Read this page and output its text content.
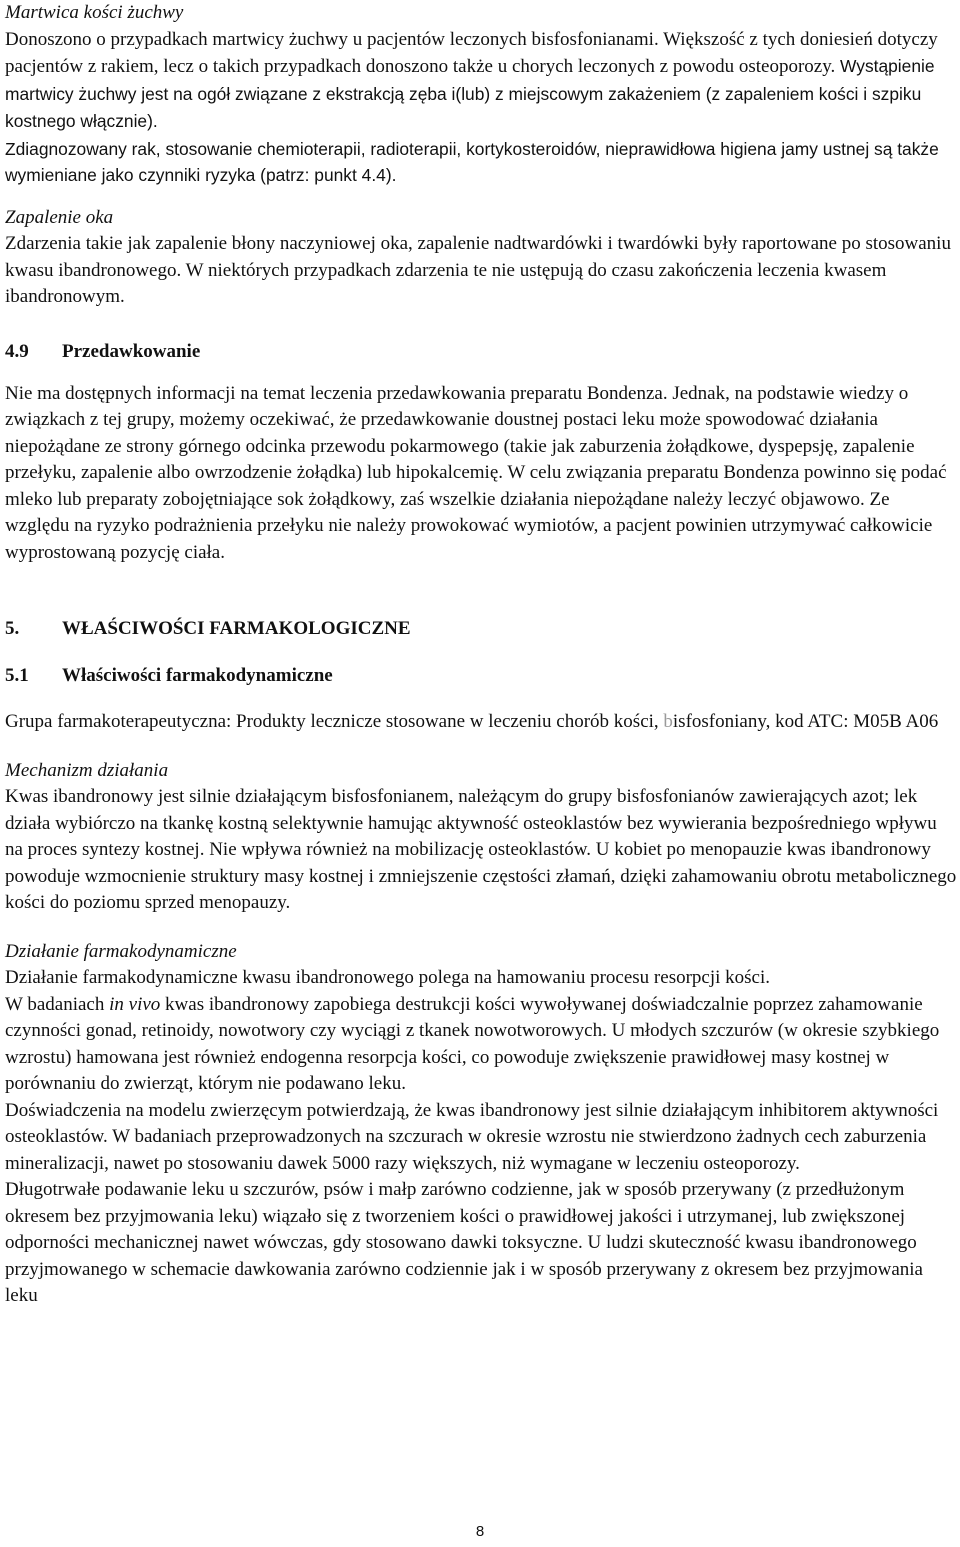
Martwica kości żuchwy

Donoszono o przypadkach martwicy żuchwy u pacjentów leczonych bisfosfonianami. Większość z tych doniesień dotyczy pacjentów z rakiem, lecz o takich przypadkach donoszono także u chorych leczonych z powodu osteoporozy. Wystąpienie martwicy żuchwy jest na ogół związane z ekstrakcją zęba i(lub) z miejscowym zakażeniem (z zapaleniem kości i szpiku kostnego włącznie).

Zdiagnozowany rak, stosowanie chemioterapii, radioterapii, kortykosteroidów, nieprawidłowa higiena jamy ustnej są także wymieniane jako czynniki ryzyka (patrz: punkt 4.4).

Zapalenie oka

Zdarzenia takie jak zapalenie błony naczyniowej oka, zapalenie nadtwardówki i twardówki były raportowane po stosowaniu kwasu ibandronowego. W niektórych przypadkach zdarzenia te nie ustępują do czasu zakończenia leczenia kwasem ibandronowym.

4.9	Przedawkowanie

Nie ma dostępnych informacji na temat leczenia przedawkowania preparatu Bondenza. Jednak, na podstawie wiedzy o związkach z tej grupy, możemy oczekiwać, że przedawkowanie doustnej postaci leku może spowodować działania niepożądane ze strony górnego odcinka przewodu pokarmowego (takie jak zaburzenia żołądkowe, dyspepsję, zapalenie przełyku, zapalenie albo owrzodzenie żołądka) lub hipokalcemię. W celu związania preparatu Bondenza powinno się podać mleko lub preparaty zobojętniające sok żołądkowy, zaś wszelkie działania niepożądane należy leczyć objawowo. Ze względu na ryzyko podrażnienia przełyku nie należy prowokować wymiotów, a pacjent powinien utrzymywać całkowicie wyprostowaną pozycję ciała.

5.	WŁAŚCIWOŚCI FARMAKOLOGICZNE
5.1	Właściwości farmakodynamiczne

Grupa farmakoterapeutyczna: Produkty lecznicze stosowane w leczeniu chorób kości, bisfosfoniany, kod ATC: M05B A06

Mechanizm działania

Kwas ibandronowy jest silnie działającym bisfosfonianem, należącym do grupy bisfosfonianów zawierających azot; lek działa wybiórczo na tkankę kostną selektywnie hamując aktywność osteoklastów bez wywierania bezpośredniego wpływu na proces syntezy kostnej. Nie wpływa również na mobilizację osteoklastów. U kobiet po menopauzie kwas ibandronowy powoduje wzmocnienie struktury masy kostnej i zmniejszenie częstości złamań, dzięki zahamowaniu obrotu metabolicznego kości do poziomu sprzed menopauzy.

Działanie farmakodynamiczne

Działanie farmakodynamiczne kwasu ibandronowego polega na hamowaniu procesu resorpcji kości.

W badaniach in vivo kwas ibandronowy zapobiega destrukcji kości wywoływanej doświadczalnie poprzez zahamowanie czynności gonad, retinoidy, nowotwory czy wyciągi z tkanek nowotworowych. U młodych szczurów (w okresie szybkiego wzrostu) hamowana jest również endogenna resorpcja kości, co powoduje zwiększenie prawidłowej masy kostnej w porównaniu do zwierząt, którym nie podawano leku.

Doświadczenia na modelu zwierzęcym potwierdzają, że kwas ibandronowy jest silnie działającym inhibitorem aktywności osteoklastów. W badaniach przeprowadzonych na szczurach w okresie wzrostu nie stwierdzono żadnych cech zaburzenia mineralizacji, nawet po stosowaniu dawek 5000 razy większych, niż wymagane w leczeniu osteoporozy.

Długotrwałe podawanie leku u szczurów, psów i małp zarówno codzienne, jak w sposób przerywany (z przedłużonym okresem bez przyjmowania leku) wiązało się z tworzeniem kości o prawidłowej jakości i utrzymanej, lub zwiększonej odporności mechanicznej nawet wówczas, gdy stosowano dawki toksyczne. U ludzi skuteczność kwasu ibandronowego przyjmowanego w schemacie dawkowania zarówno codziennie jak i w sposób przerywany z okresem bez przyjmowania leku

8
